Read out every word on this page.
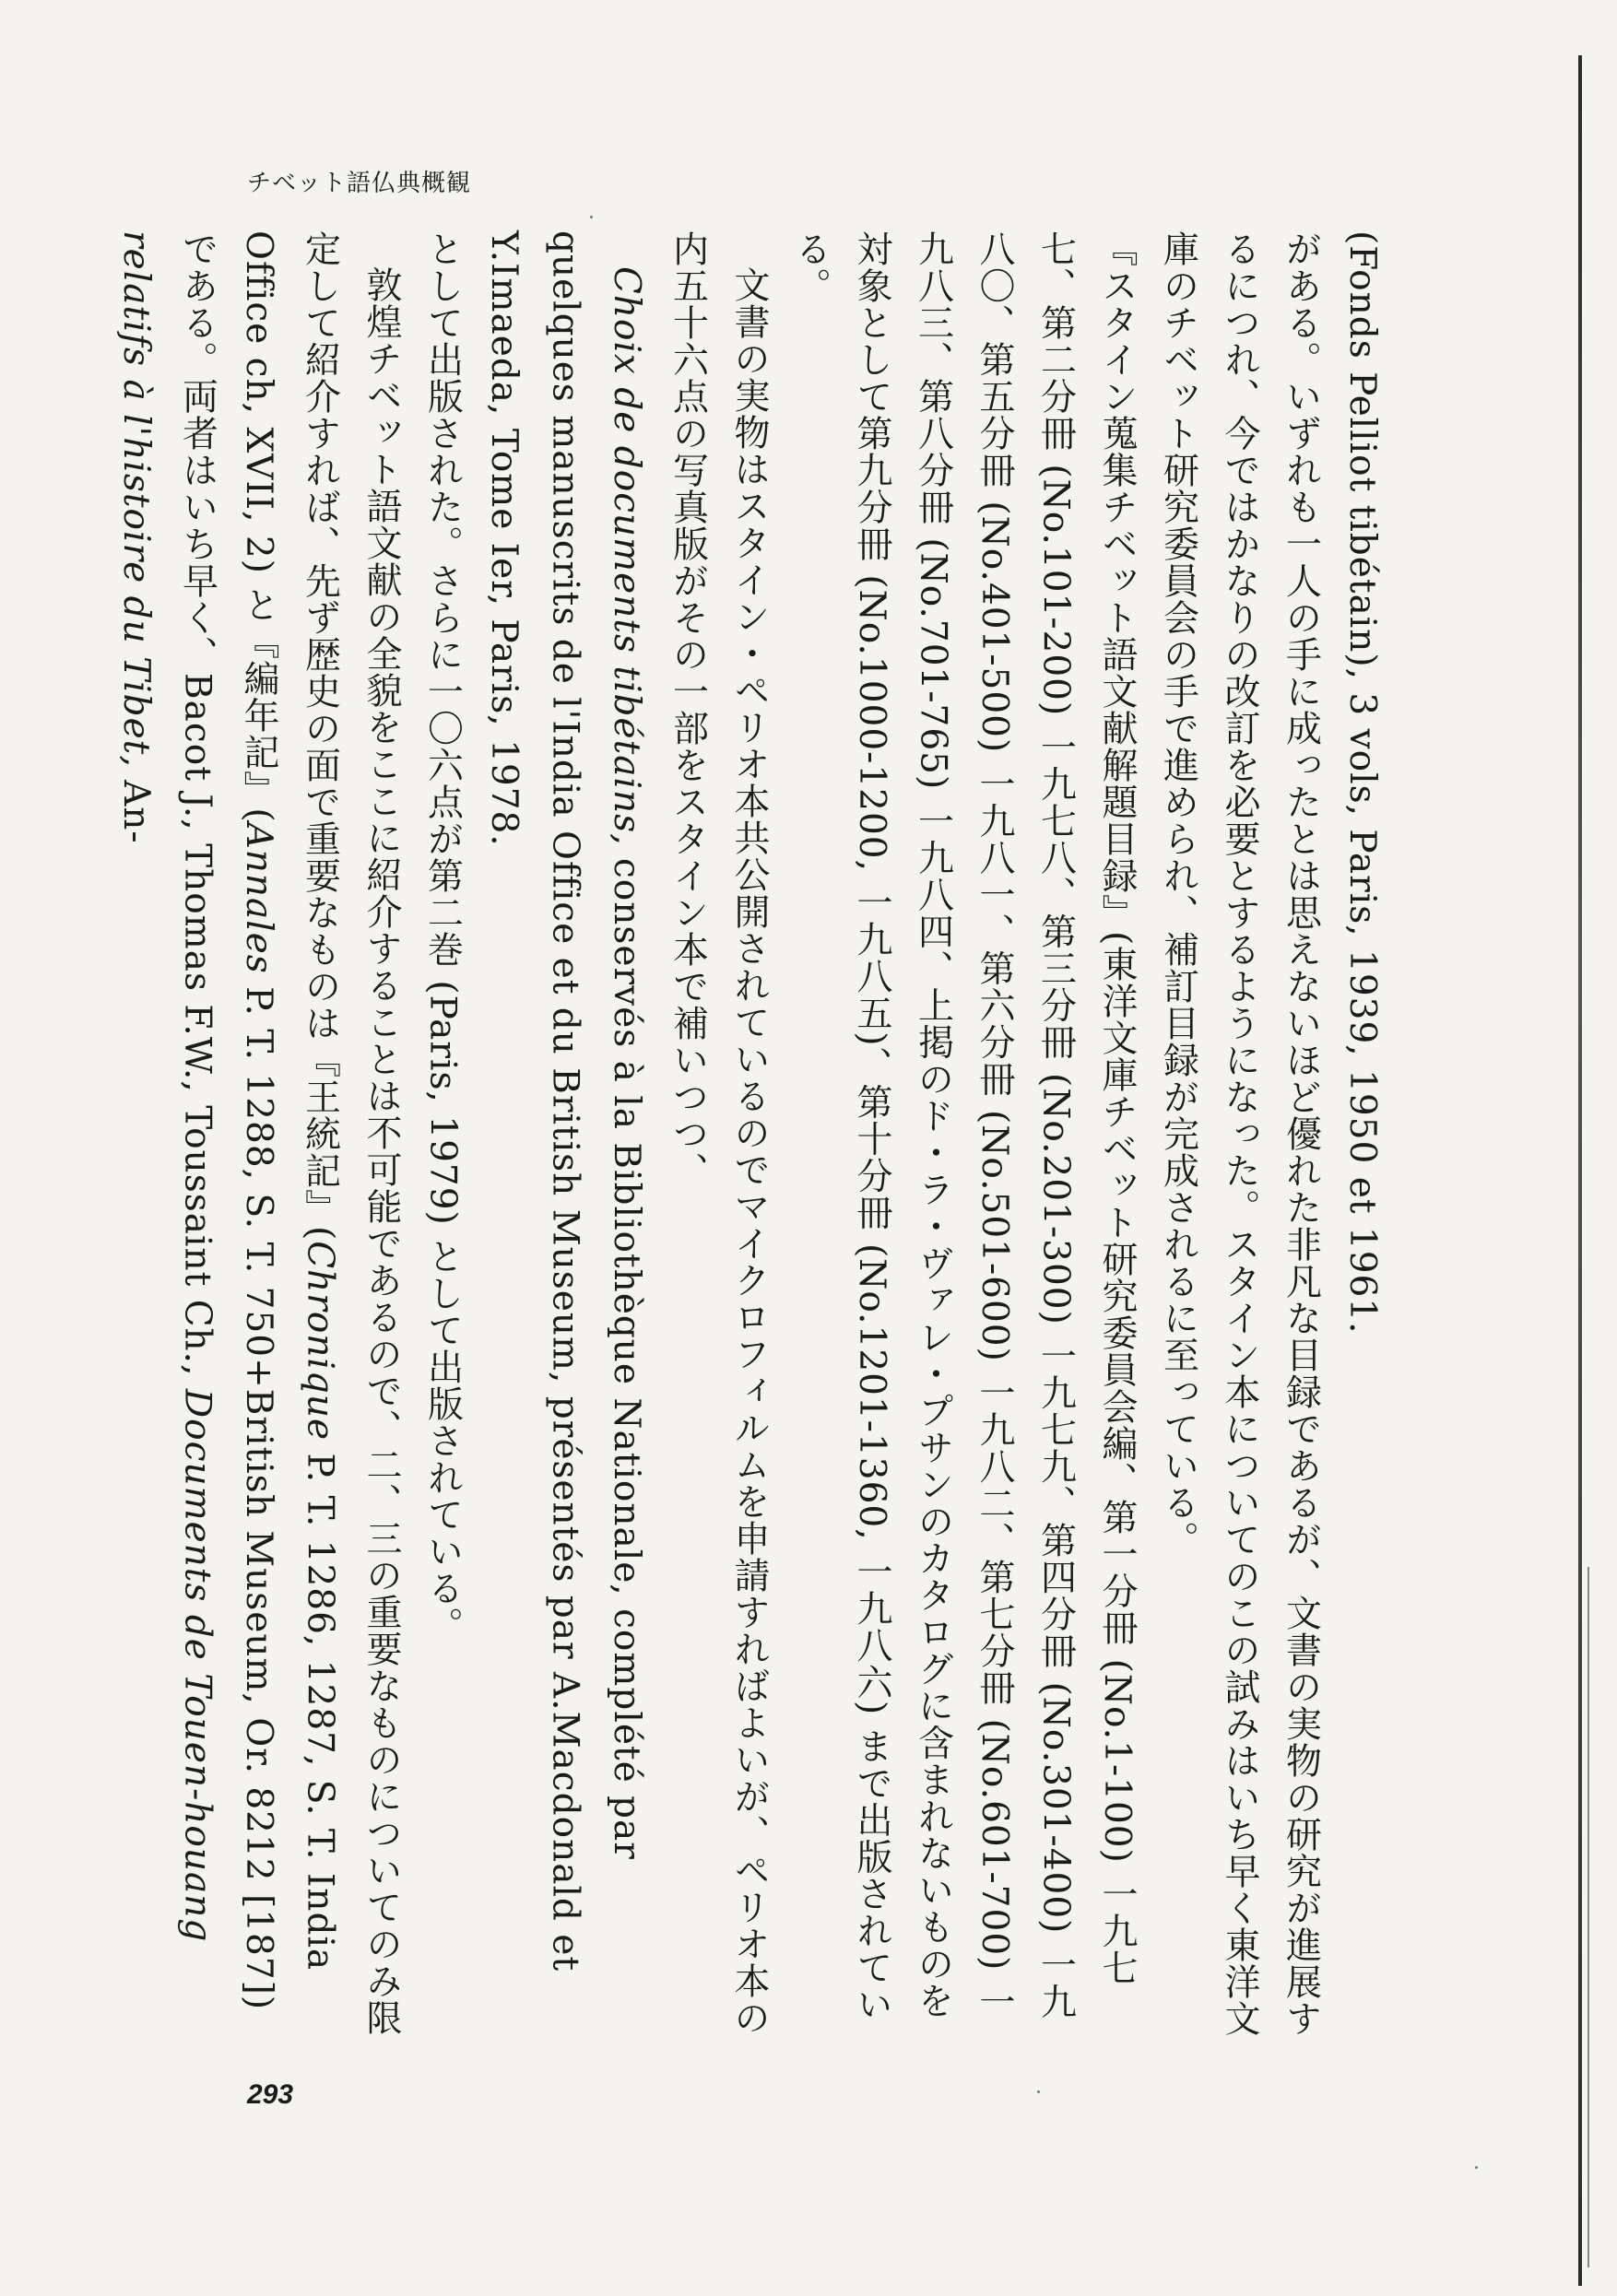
チベット語仏典概観

(Fonds Pelliot tibétain), 3 vols, Paris, 1939, 1950 et 1961.

がある。いずれも一人の手に成ったとは思えないほど優れた非凡な目録であるが、文書の実物の研究が進展するにつれ、今ではかなりの改訂を必要とするようになった。スタイン本についてのこの試みはいち早く東洋文庫のチベット研究委員会の手で進められ、補訂目録が完成されるに至っている。

『スタイン蒐集チベット語文献解題目録』(東洋文庫チベット研究委員会編、第一分冊 (No.1-100) 一九七七、第二分冊 (No.101-200) 一九七八、第三分冊 (No.201-300) 一九七九、第四分冊 (No.301-400) 一九八〇、第五分冊 (No.401-500) 一九八一、第六分冊 (No.501-600) 一九八二、第七分冊 (No.601-700) 一九八三、第八分冊 (No.701-765) 一九八四、上掲のド・ラ・ヴァレ・プサンのカタログに含まれないものを対象として第九分冊 (No.1000-1200, 一九八五)、第十分冊 (No.1201-1360, 一九八六) まで出版されている。

文書の実物はスタイン・ペリオ本共公開されているのでマイクロフィルムを申請すればよいが、ペリオ本の内五十六点の写真版がその一部をスタイン本で補いつつ、

Choix de documents tibétains, conservés à la Bibliothèque Nationale, complété par quelques manuscrits de l'India Office et du British Museum, présentés par A.Macdonald et Y.Imaeda, Tome Ier, Paris, 1978.

として出版された。さらに一〇六点が第二巻 (Paris, 1979) として出版されている。

敦煌チベット語文献の全貌をここに紹介することは不可能であるので、二、三の重要なものについてのみ限定して紹介すれば、先ず歴史の面で重要なものは『王統記』(Chronique P. T. 1286, 1287, S. T. India Office ch, XVII, 2) と『編年記』(Annales P. T. 1288, S. T. 750+British Museum, Or. 8212 [187]) である。両者はいち早く、Bacot J., Thomas F.W., Toussaint Ch., Documents de Touen-houang relatifs à l'histoire du Tibet, An-

293
